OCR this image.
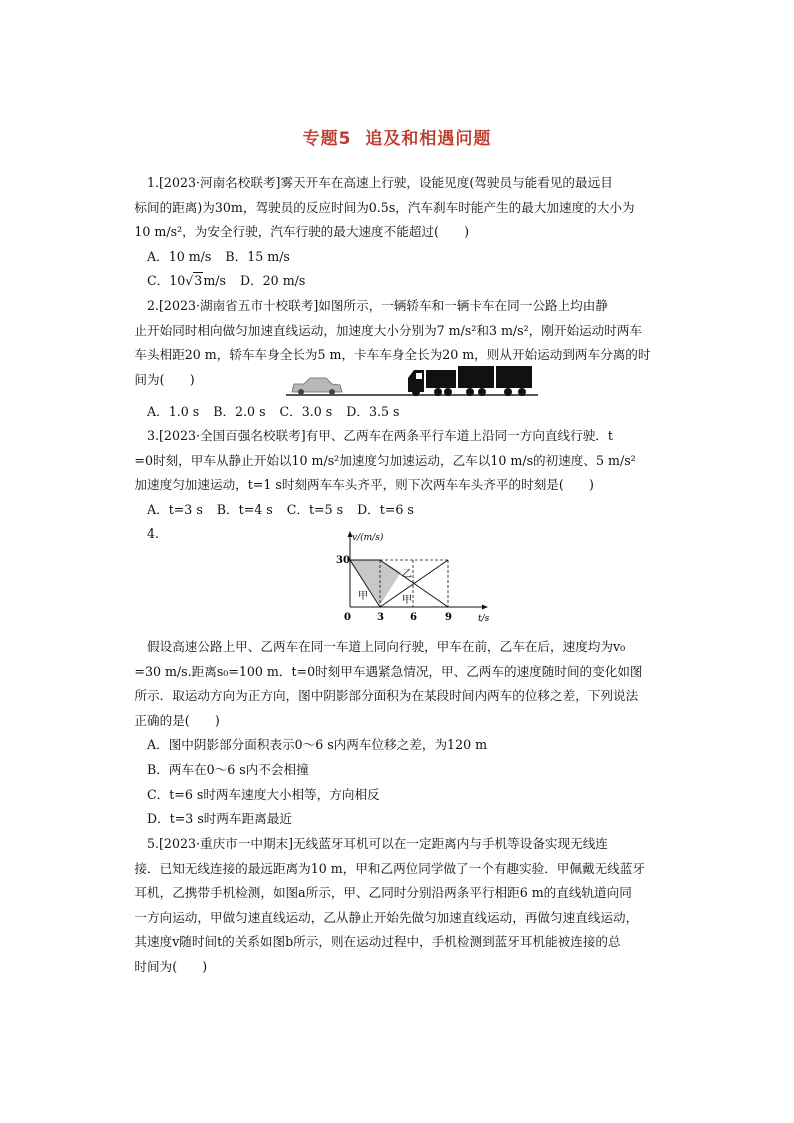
专题5 追及和相遇问题

1.[2023·河南名校联考]雾天开车在高速上行驶，设能见度(驾驶员与能看见的最远目

标间的距离)为30m，驾驶员的反应时间为0.5s，汽车刹车时能产生的最大加速度的大小为

10 m/s²，为安全行驶，汽车行驶的最大速度不能超过(　　)

A．10 m/s B．15 m/s

C．10√3m/s D．20 m/s

2.[2023·湖南省五市十校联考]如图所示，一辆轿车和一辆卡车在同一公路上均由静

止开始同时相向做匀加速直线运动，加速度大小分别为7 m/s²和3 m/s²，刚开始运动时两车

车头相距20 m，轿车车身全长为5 m，卡车车身全长为20 m，则从开始运动到两车分离的时

间为(　　)

A．1.0 s B．2.0 s C．3.0 s D．3.5 s

3.[2023·全国百强名校联考]有甲、乙两车在两条平行车道上沿同一方向直线行驶．t

=0时刻，甲车从静止开始以10 m/s²加速度匀加速运动，乙车以10 m/s的初速度、5 m/s²

加速度匀加速运动，t=1 s时刻两车车头齐平，则下次两车车头齐平的时刻是(　　)

A．t=3 s B．t=4 s C．t=5 s D．t=6 s

4.	v/(m/s)
t/s
30
0	3	6	9
甲
乙
甲

假设高速公路上甲、乙两车在同一车道上同向行驶，甲车在前，乙车在后，速度均为v₀

=30 m/s.距离s₀=100 m．t=0时刻甲车遇紧急情况，甲、乙两车的速度随时间的变化如图

所示．取运动方向为正方向，图中阴影部分面积为在某段时间内两车的位移之差，下列说法

正确的是(　　)

A．图中阴影部分面积表示0～6 s内两车位移之差，为120 m

B．两车在0～6 s内不会相撞

C．t=6 s时两车速度大小相等，方向相反

D．t=3 s时两车距离最近

5.[2023·重庆市一中期末]无线蓝牙耳机可以在一定距离内与手机等设备实现无线连

接．已知无线连接的最远距离为10 m，甲和乙两位同学做了一个有趣实验．甲佩戴无线蓝牙

耳机，乙携带手机检测，如图a所示，甲、乙同时分别沿两条平行相距6 m的直线轨道向同

一方向运动，甲做匀速直线运动，乙从静止开始先做匀加速直线运动，再做匀速直线运动，

其速度v随时间t的关系如图b所示，则在运动过程中，手机检测到蓝牙耳机能被连接的总

时间为(　　)
